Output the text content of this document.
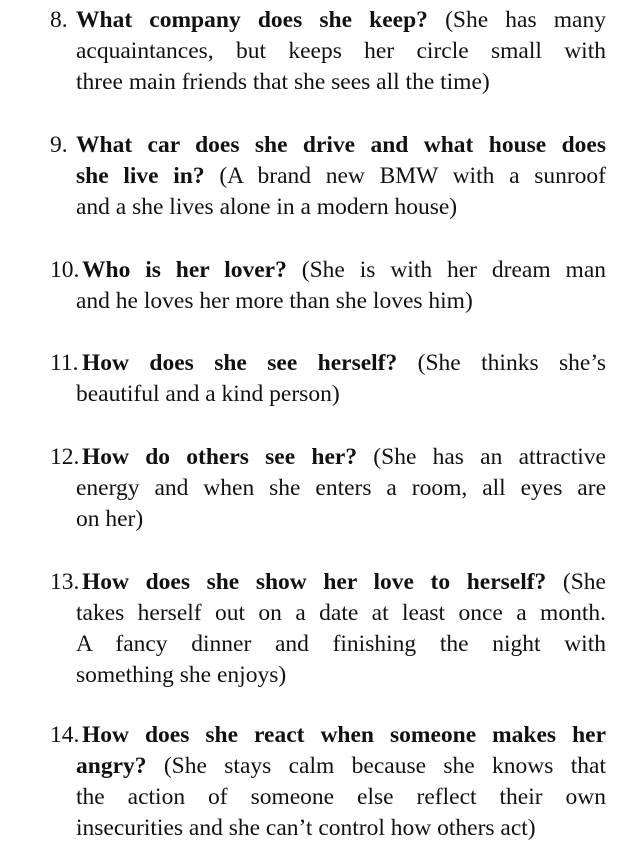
8. What company does she keep? (She has many
acquaintances, but keeps her circle small with
three main friends that she sees all the time)
9. What car does she drive and what house does
she live in? (A brand new BMW with a sunroof
and a she lives alone in a modern house)
10. Who is her lover? (She is with her dream man
and he loves her more than she loves him)
11. How does she see herself? (She thinks she’s
beautiful and a kind person)
12. How do others see her? (She has an attractive
energy and when she enters a room, all eyes are
on her)
13. How does she show her love to herself? (She
takes herself out on a date at least once a month.
A fancy dinner and finishing the night with
something she enjoys)
14. How does she react when someone makes her
angry? (She stays calm because she knows that
the action of someone else reflect their own
insecurities and she can’t control how others act)
